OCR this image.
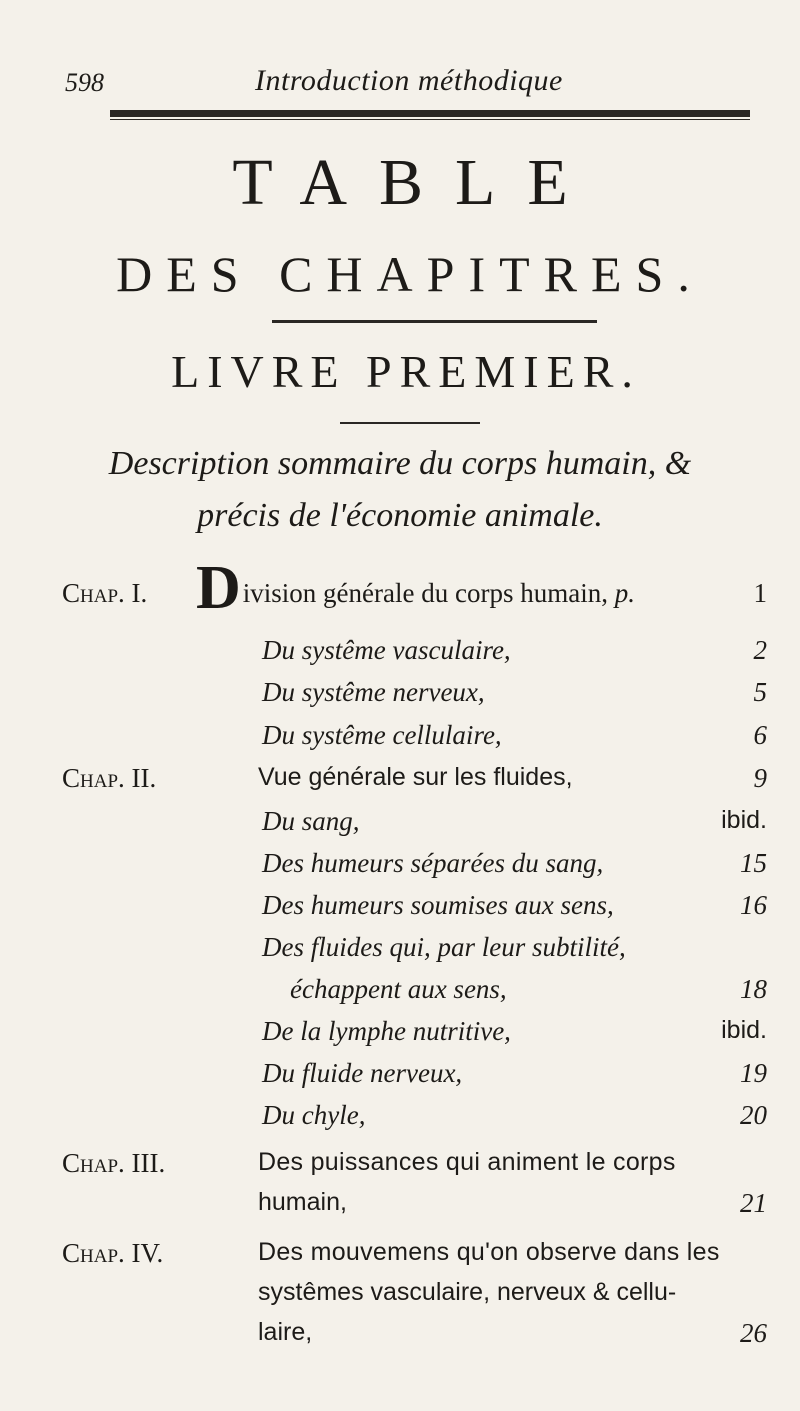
598	Introduction méthodique
TABLE
DES CHAPITRES.
LIVRE PREMIER.
Description sommaire du corps humain, &
précis de l'économie animale.
Chap. I. Division générale du corps humain, p.	1
Du systême vasculaire,	2
Du systême nerveux,	5
Du systême cellulaire,	6
Chap. II.	Vue générale sur les fluides,	9
Du sang,	ibid.
Des humeurs séparées du sang,	15
Des humeurs soumises aux sens,	16
Des fluides qui, par leur subtilité,
échappent aux sens,	18
De la lymphe nutritive,	ibid.
Du fluide nerveux,	19
Du chyle,	20
Chap. III.	Des puissances qui animent le corps
humain,	21
Chap. IV.	Des mouvemens qu'on observe dans les
systêmes vasculaire, nerveux & cellu-
laire,	26
